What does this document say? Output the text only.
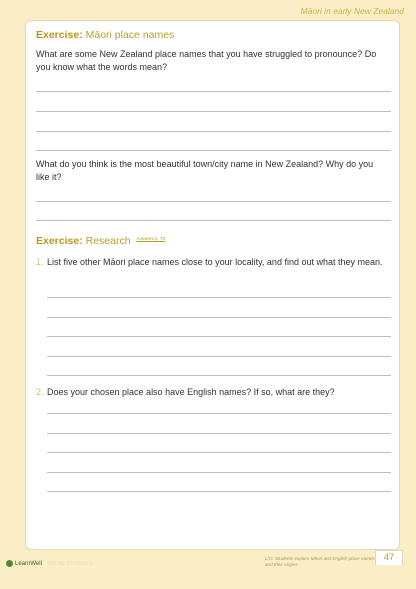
Māori in early New Zealand
Exercise: Māori place names
What are some New Zealand place names that you have struggled to pronounce? Do you know what the words mean?
What do you think is the most beautiful town/city name in New Zealand? Why do you like it?
Exercise: Research $^{Answers p. 76}$
1. List five other Māori place names close to your locality, and find out what they mean.
2. Does your chosen place also have English names? If so, what are they?
LearnWell SOCIAL STUDIES 5
L/O: Students explore Māori and English place names and their origins.
47
